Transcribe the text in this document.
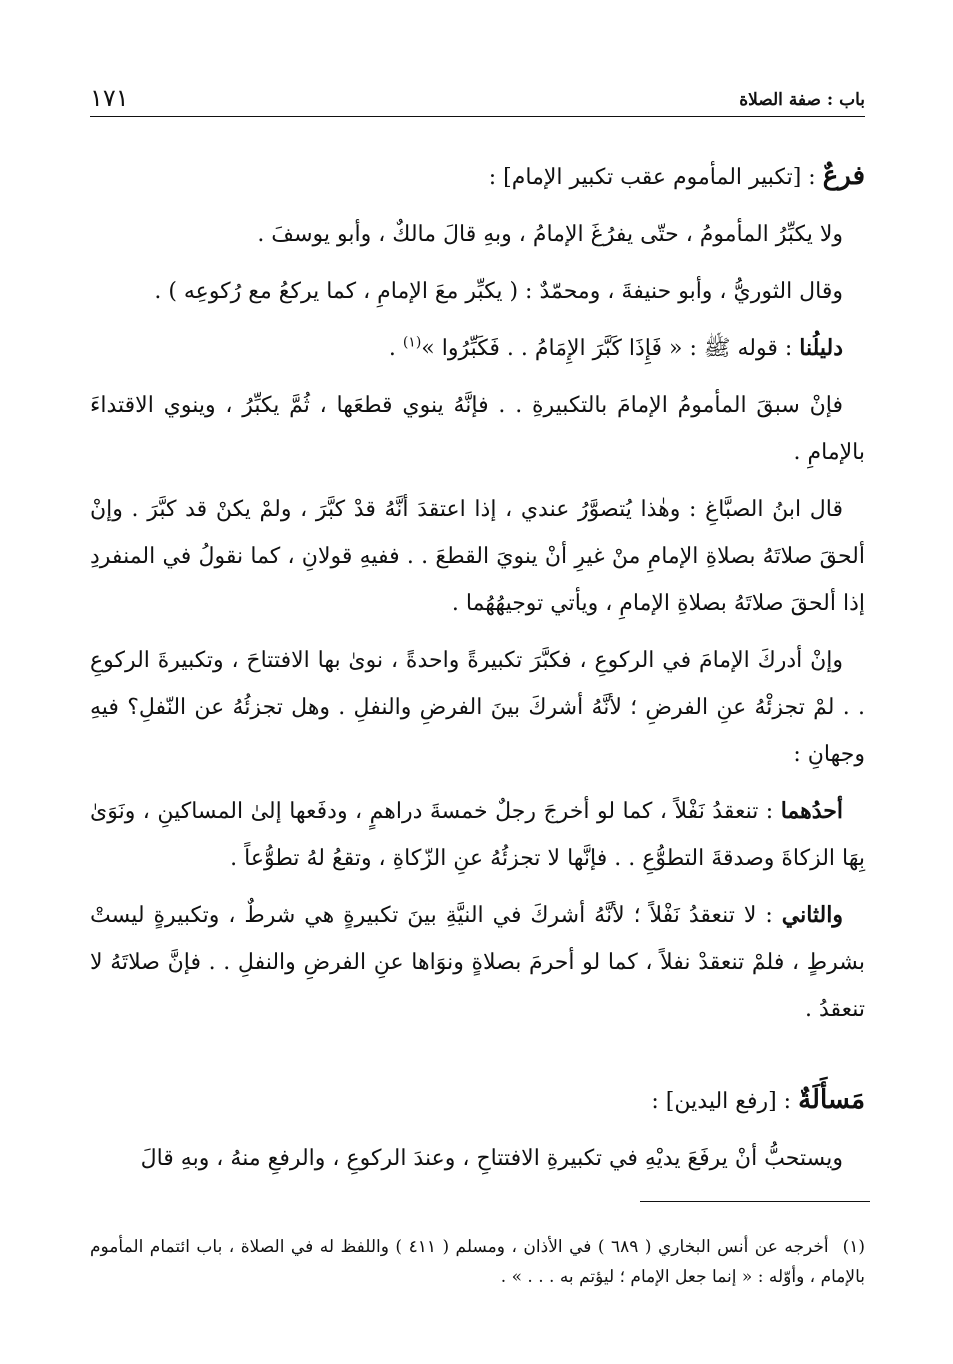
باب : صفة الصلاة
١٧١

فرعٌ : [تكبير المأموم عقب تكبير الإمام] :

ولا يكبِّرُ المأمومُ ، حتّى يفرُغَ الإمامُ ، وبهِ قالَ مالكٌ ، وأبو يوسفَ .

وقال الثوريُّ ، وأبو حنيفةَ ، ومحمّدٌ : ( يكبِّر معَ الإمامِ ، كما يركعُ مع رُكوعِه ) .

دليلُنا : قوله ﷺ : « فَإِذَا كَبَّرَ الإِمَامُ . . فَكَبِّرُوا »$^{(١)}$ .

فإنْ سبقَ المأمومُ الإمامَ بالتكبيرةِ . . فإنَّهُ ينوي قطعَها ، ثُمَّ يكبِّرُ ، وينوي الاقتداءَ بالإمامِ .

قال ابنُ الصبَّاغِ : وهٰذا يُتصوَّرُ عندي ، إذا اعتقدَ أنَّهُ قدْ كبَّرَ ، ولمْ يكنْ قد كبَّرَ . وإنْ ألحقَ صلاتَهُ بصلاةِ الإمامِ منْ غيرِ أنْ ينويَ القطعَ . . ففيهِ قولانِ ، كما نقولُ في المنفردِ إذا ألحقَ صلاتَهُ بصلاةِ الإمامِ ، ويأتي توجيهُهُما .

وإنْ أدركَ الإمامَ في الركوعِ ، فكبَّرَ تكبيرةً واحدةً ، نوىٰ بها الافتتاحَ ، وتكبيرةَ الركوعِ . . لمْ تجزئْهُ عنِ الفرضِ ؛ لأنَّهُ أشركَ بينَ الفرضِ والنفلِ . وهل تجزئُهُ عن النّفلِ؟ فيهِ وجهانِ :

أحدُهما : تنعقدُ نَفْلاً ، كما لو أخرجَ رجلٌ خمسةَ دراهمٍ ، ودفَعها إلىٰ المساكينِ ، ونَوَىٰ بِهَا الزكاةَ وصدقةَ التطوُّعِ . . فإنَّها لا تجزئُهُ عنِ الزّكاةِ ، وتقعُ لهُ تطوُّعاً .

والثاني : لا تنعقدُ نَفْلاً ؛ لأنَّهُ أشركَ في النيَّةِ بينَ تكبيرةٍ هي شرطٌ ، وتكبيرةٍ ليستْ بشرطٍ ، فلمْ تنعقدْ نفلاً ، كما لو أحرمَ بصلاةٍ ونوَاها عنِ الفرضِ والنفلِ . . فإنَّ صلاتَهُ لا تنعقدُ .

مَسأَلَةٌ : [رفع اليدين] :

ويستحبُّ أنْ يرفَعَ يديْهِ في تكبيرةِ الافتتاحِ ، وعندَ الركوعِ ، والرفعِ منهُ ، وبهِ قالَ

(١)أخرجه عن أنس البخاري ( ٦٨٩ ) في الأذان ، ومسلم ( ٤١١ ) واللفظ له في الصلاة ، باب ائتمام المأموم بالإمام ، وأوّله : « إنما جعل الإمام ؛ ليؤتم به . . . » .
